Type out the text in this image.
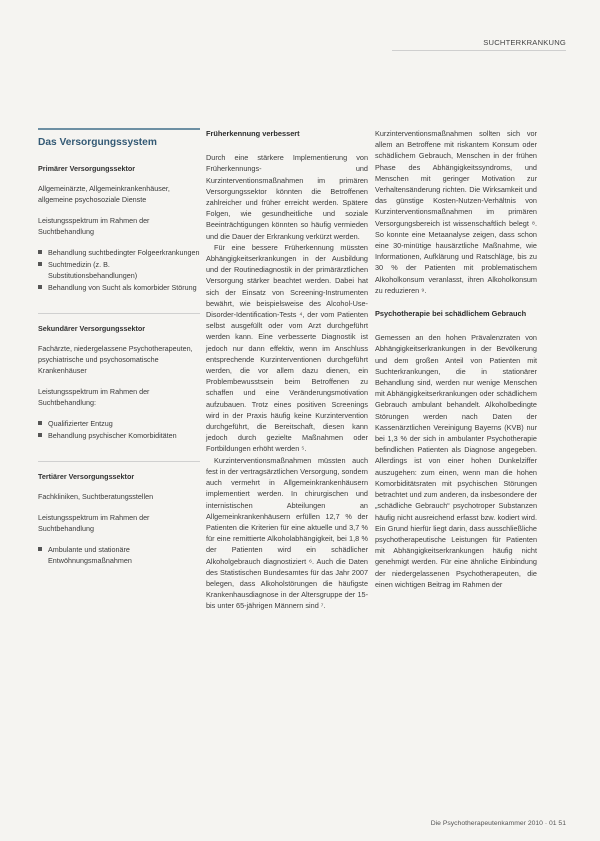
SUCHTERKRANKUNG
Das Versorgungssystem
Primärer Versorgungssektor

Allgemeinärzte, Allgemeinkrankenhäuser, allgemeine psychosoziale Dienste

Leistungsspektrum im Rahmen der Suchtbehandlung

Behandlung suchtbedingter Folgeerkrankungen
Suchtmedizin (z. B. Substitutionsbehandlungen)
Behandlung von Sucht als komorbider Störung
Sekundärer Versorgungssektor

Fachärzte, niedergelassene Psychotherapeuten, psychiatrische und psychosomatische Krankenhäuser

Leistungsspektrum im Rahmen der Suchtbehandlung:

Qualifizierter Entzug
Behandlung psychischer Komorbiditäten
Tertiärer Versorgungssektor

Fachkliniken, Suchtberatungsstellen

Leistungsspektrum im Rahmen der Suchtbehandlung

Ambulante und stationäre Entwöhnungsmaßnahmen
Früherkennung verbessert

Durch eine stärkere Implementierung von Früherkennungs- und Kurzinterventionsmaßnahmen im primären Versorgungssektor könnten die Betroffenen zahlreicher und früher erreicht werden. Spätere Folgen, wie gesundheitliche und soziale Beeinträchtigungen könnten so häufig vermieden und die Dauer der Erkrankung verkürzt werden.

Für eine bessere Früherkennung müssten Abhängigkeitserkrankungen in der Ausbildung und der Routinediagnostik in der primärärztlichen Versorgung stärker beachtet werden. Dabei hat sich der Einsatz von Screening-Instrumenten bewährt, wie beispielsweise des Alcohol-Use-Disorder-Identification-Tests ⁴, der vom Patienten selbst ausgefüllt oder vom Arzt durchgeführt werden kann. Eine verbesserte Diagnostik ist jedoch nur dann effektiv, wenn im Anschluss entsprechende Kurzinterventionen durchgeführt werden, die vor allem dazu dienen, ein Problembewusstsein beim Betroffenen zu schaffen und eine Veränderungsmotivation aufzubauen. Trotz eines positiven Screenings wird in der Praxis häufig keine Kurzintervention durchgeführt, die Bereitschaft, diesen kann jedoch durch gezielte Maßnahmen oder Fortbildungen erhöht werden ⁵.

Kurzinterventionsmaßnahmen müssten auch fest in der vertragsärztlichen Versorgung, sondern auch vermehrt in Allgemeinkrankenhäusern implementiert werden. In chirurgischen und internistischen Abteilungen an Allgemeinkrankenhäusern erfüllen 12,7 % der Patienten die Kriterien für eine aktuelle und 3,7 % für eine remittierte Alkoholabhängigkeit, bei 1,8 % der Patienten wird ein schädlicher Alkoholgebrauch diagnostiziert ⁶. Auch die Daten des Statistischen Bundesamtes für das Jahr 2007 belegen, dass Alkoholstörungen die häufigste Krankenhausdiagnose in der Altersgruppe der 15- bis unter 65-jährigen Männern sind ⁷.

Kurzinterventionsmaßnahmen sollten sich vor allem an Betroffene mit riskantem Konsum oder schädlichem Gebrauch, Menschen in der frühen Phase des Abhängigkeitssyndroms, und Menschen mit geringer Motivation zur Verhaltensänderung richten. Die Wirksamkeit und das günstige Kosten-Nutzen-Verhältnis von Kurzinterventionsmaßnahmen im primären Versorgungsbereich ist wissenschaftlich belegt ⁸. So konnte eine Metaanalyse zeigen, dass schon eine 30-minütige hausärztliche Maßnahme, wie Informationen, Aufklärung und Ratschläge, bis zu 30 % der Patienten mit problematischem Alkoholkonsum veranlasst, ihren Alkoholkonsum zu reduzieren ⁹.

Psychotherapie bei schädlichem Gebrauch

Gemessen an den hohen Prävalenzraten von Abhängigkeitserkrankungen in der Bevölkerung und dem großen Anteil von Patienten mit Suchterkrankungen, die in stationärer Behandlung sind, werden nur wenige Menschen mit Abhängigkeitserkrankungen oder schädlichem Gebrauch ambulant behandelt. Alkoholbedingte Störungen werden nach Daten der Kassenärztlichen Vereinigung Bayerns (KVB) nur bei 1,3 % der sich in ambulanter Psychotherapie befindlichen Patienten als Diagnose angegeben. Allerdings ist von einer hohen Dunkelziffer auszugehen: zum einen, wenn man die hohen Komorbiditätsraten mit psychischen Störungen betrachtet und zum anderen, da insbesondere der „schädliche Gebrauch“ psychotroper Substanzen häufig nicht ausreichend erfasst bzw. kodiert wird. Ein Grund hierfür liegt darin, dass ausschließliche psychotherapeutische Leistungen für Patienten mit Abhängigkeitserkrankungen häufig nicht genehmigt werden. Für eine ähnliche Einbindung der niedergelassenen Psychotherapeuten, die einen wichtigen Beitrag im Rahmen der

Die Psychotherapeutenkammer 2010 · 01 51
